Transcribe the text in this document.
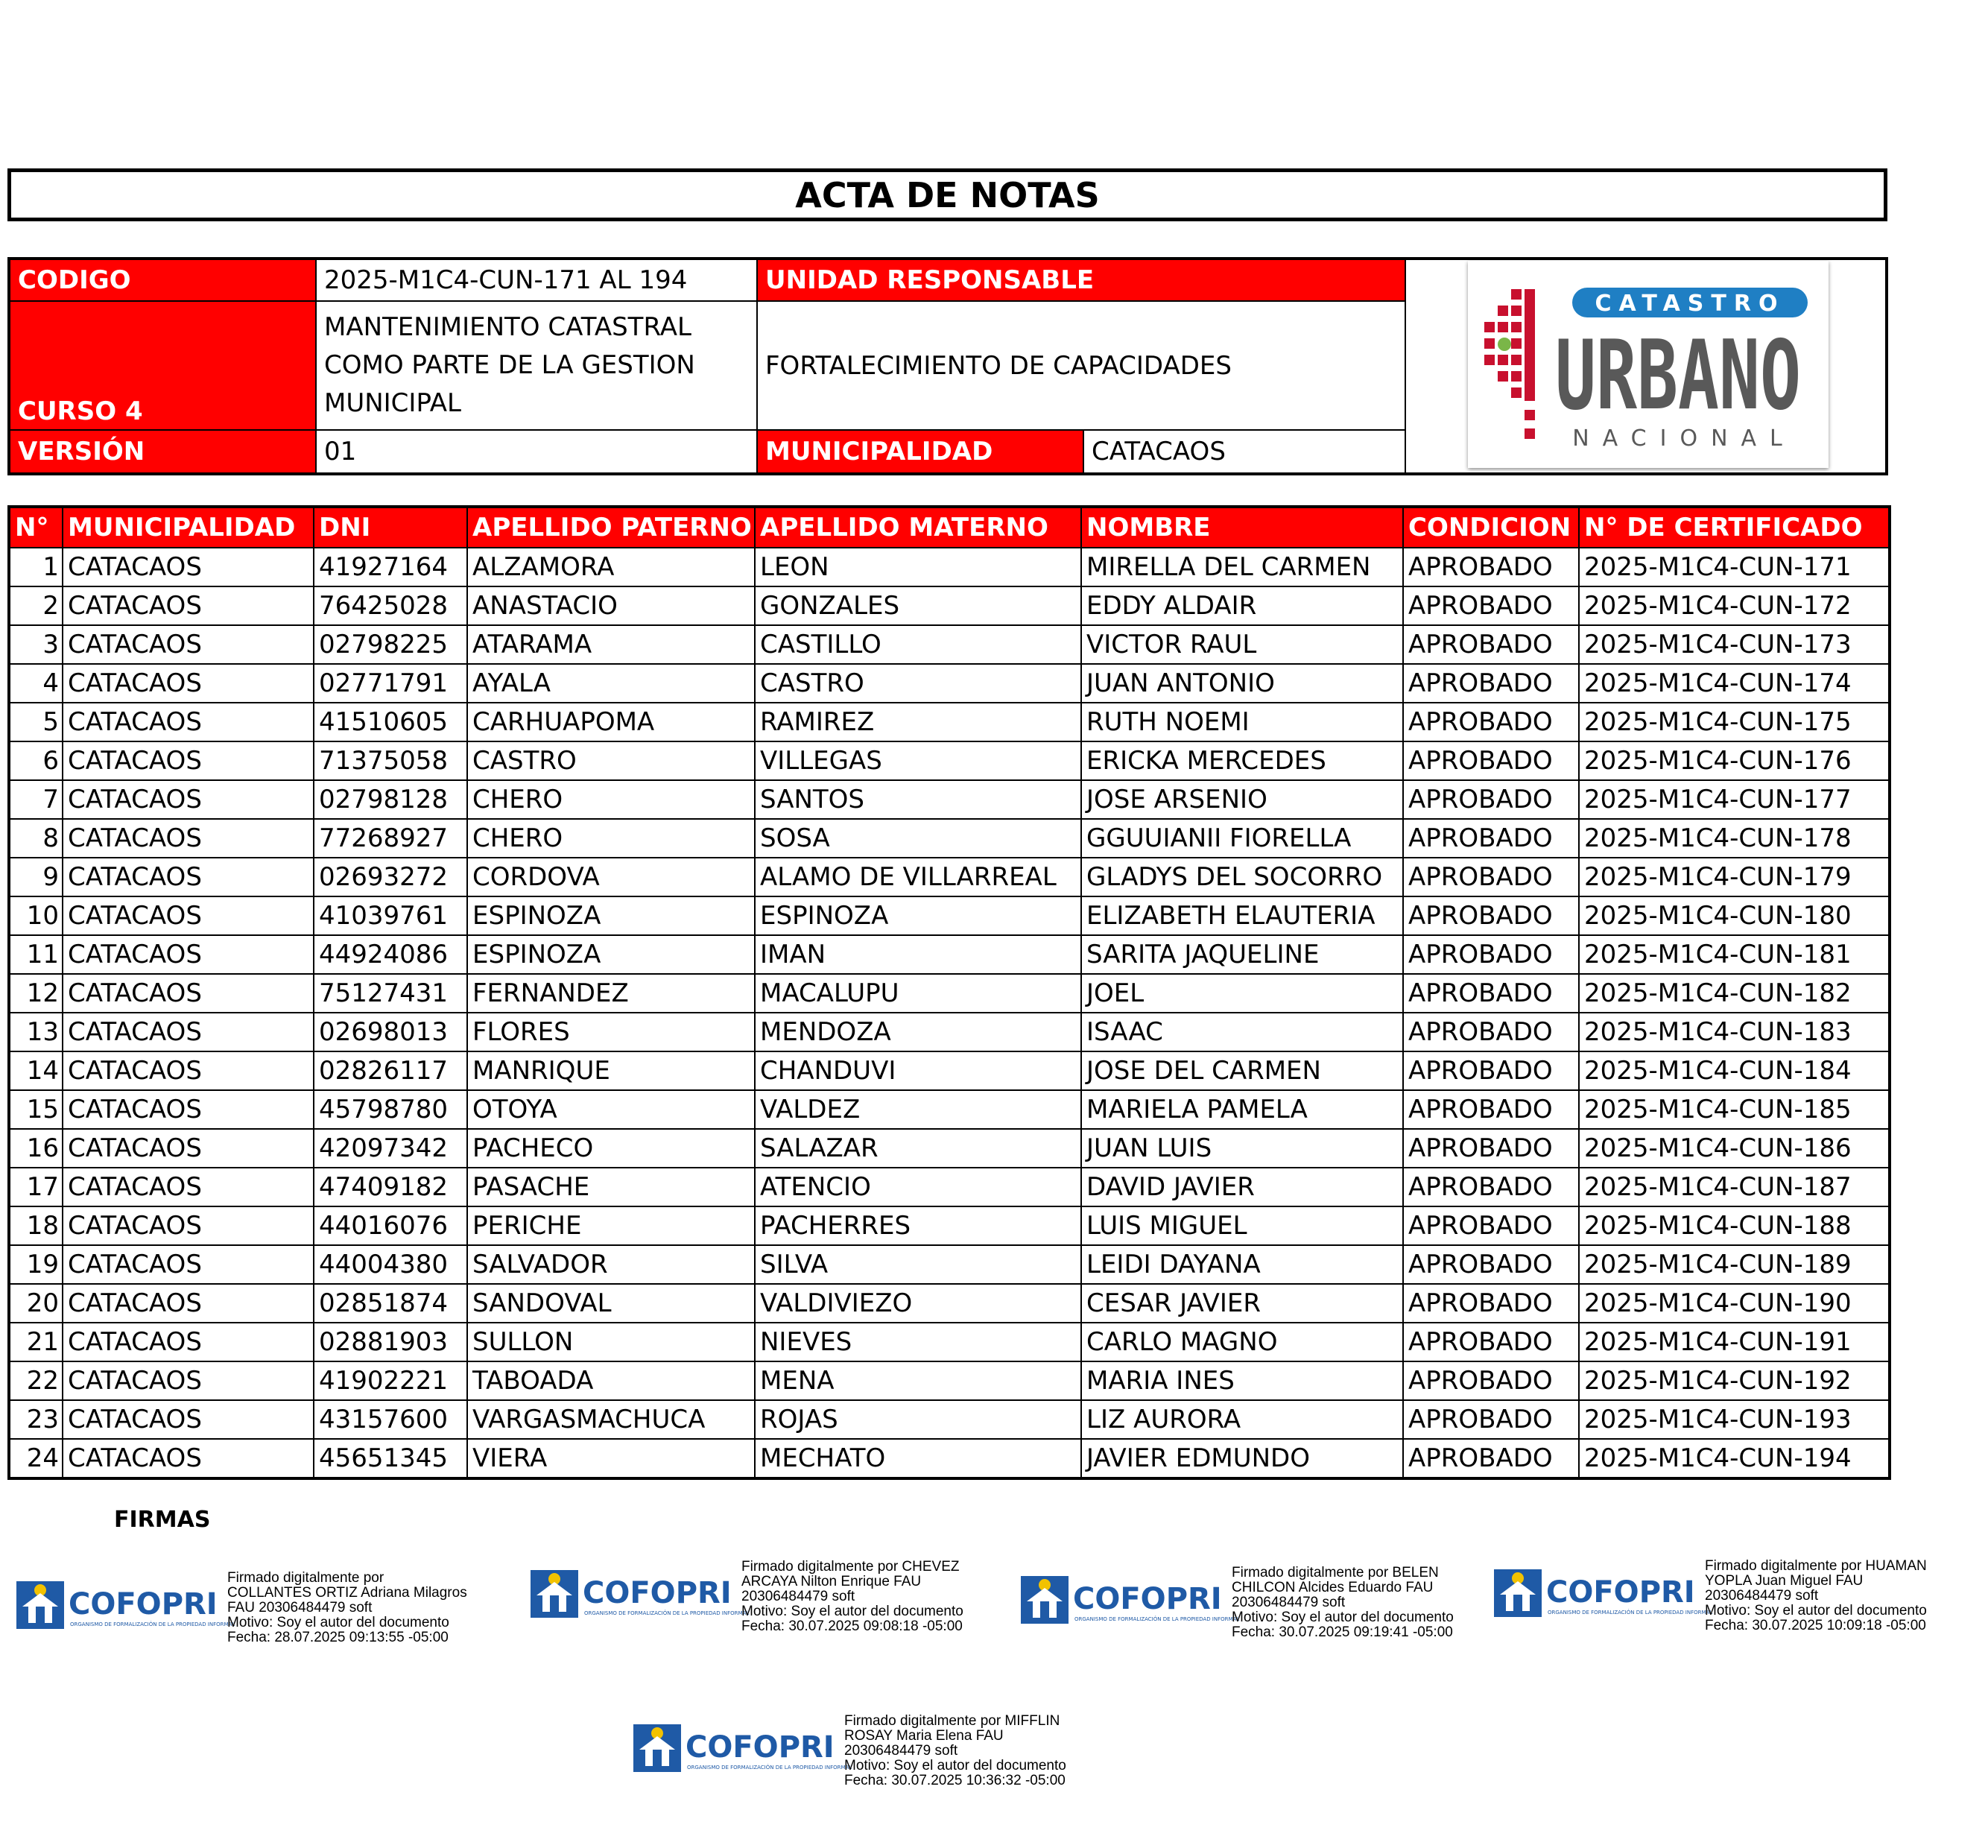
ACTA DE NOTAS
CODIGO	2025-M1C4-CUN-171 AL 194	UNIDAD RESPONSABLE
CURSO 4
MANTENIMIENTO CATASTRAL
COMO PARTE DE LA GESTION
MUNICIPAL
FORTALECIMIENTO DE CAPACIDADES
VERSIÓN	01	MUNICIPALIDAD	CATACAOS
CATASTRO
URBANO
NACIONAL
N°	MUNICIPALIDAD	DNI	APELLIDO PATERNO	APELLIDO MATERNO	NOMBRE	CONDICION	N° DE CERTIFICADO
1	CATACAOS	41927164	ALZAMORA	LEON	MIRELLA DEL CARMEN	APROBADO	2025-M1C4-CUN-171
2	CATACAOS	76425028	ANASTACIO	GONZALES	EDDY ALDAIR	APROBADO	2025-M1C4-CUN-172
3	CATACAOS	02798225	ATARAMA	CASTILLO	VICTOR RAUL	APROBADO	2025-M1C4-CUN-173
4	CATACAOS	02771791	AYALA	CASTRO	JUAN ANTONIO	APROBADO	2025-M1C4-CUN-174
5	CATACAOS	41510605	CARHUAPOMA	RAMIREZ	RUTH NOEMI	APROBADO	2025-M1C4-CUN-175
6	CATACAOS	71375058	CASTRO	VILLEGAS	ERICKA MERCEDES	APROBADO	2025-M1C4-CUN-176
7	CATACAOS	02798128	CHERO	SANTOS	JOSE ARSENIO	APROBADO	2025-M1C4-CUN-177
8	CATACAOS	77268927	CHERO	SOSA	GGUUIANII FIORELLA	APROBADO	2025-M1C4-CUN-178
9	CATACAOS	02693272	CORDOVA	ALAMO DE VILLARREAL	GLADYS DEL SOCORRO	APROBADO	2025-M1C4-CUN-179
10	CATACAOS	41039761	ESPINOZA	ESPINOZA	ELIZABETH ELAUTERIA	APROBADO	2025-M1C4-CUN-180
11	CATACAOS	44924086	ESPINOZA	IMAN	SARITA JAQUELINE	APROBADO	2025-M1C4-CUN-181
12	CATACAOS	75127431	FERNANDEZ	MACALUPU	JOEL	APROBADO	2025-M1C4-CUN-182
13	CATACAOS	02698013	FLORES	MENDOZA	ISAAC	APROBADO	2025-M1C4-CUN-183
14	CATACAOS	02826117	MANRIQUE	CHANDUVI	JOSE DEL CARMEN	APROBADO	2025-M1C4-CUN-184
15	CATACAOS	45798780	OTOYA	VALDEZ	MARIELA PAMELA	APROBADO	2025-M1C4-CUN-185
16	CATACAOS	42097342	PACHECO	SALAZAR	JUAN LUIS	APROBADO	2025-M1C4-CUN-186
17	CATACAOS	47409182	PASACHE	ATENCIO	DAVID JAVIER	APROBADO	2025-M1C4-CUN-187
18	CATACAOS	44016076	PERICHE	PACHERRES	LUIS MIGUEL	APROBADO	2025-M1C4-CUN-188
19	CATACAOS	44004380	SALVADOR	SILVA	LEIDI DAYANA	APROBADO	2025-M1C4-CUN-189
20	CATACAOS	02851874	SANDOVAL	VALDIVIEZO	CESAR JAVIER	APROBADO	2025-M1C4-CUN-190
21	CATACAOS	02881903	SULLON	NIEVES	CARLO MAGNO	APROBADO	2025-M1C4-CUN-191
22	CATACAOS	41902221	TABOADA	MENA	MARIA INES	APROBADO	2025-M1C4-CUN-192
23	CATACAOS	43157600	VARGASMACHUCA	ROJAS	LIZ AURORA	APROBADO	2025-M1C4-CUN-193
24	CATACAOS	45651345	VIERA	MECHATO	JAVIER EDMUNDO	APROBADO	2025-M1C4-CUN-194
FIRMAS
COFOPRI
ORGANISMO DE FORMALIZACIÓN DE LA PROPIEDAD INFORMAL
Firmado digitalmente por
COLLANTES ORTIZ Adriana Milagros
FAU 20306484479 soft
Motivo: Soy el autor del documento
Fecha: 28.07.2025 09:13:55 -05:00
COFOPRI
ORGANISMO DE FORMALIZACIÓN DE LA PROPIEDAD INFORMAL
Firmado digitalmente por CHEVEZ
ARCAYA Nilton Enrique FAU
20306484479 soft
Motivo: Soy el autor del documento
Fecha: 30.07.2025 09:08:18 -05:00
COFOPRI
ORGANISMO DE FORMALIZACIÓN DE LA PROPIEDAD INFORMAL
Firmado digitalmente por BELEN
CHILCON Alcides Eduardo FAU
20306484479 soft
Motivo: Soy el autor del documento
Fecha: 30.07.2025 09:19:41 -05:00
COFOPRI
ORGANISMO DE FORMALIZACIÓN DE LA PROPIEDAD INFORMAL
Firmado digitalmente por HUAMAN
YOPLA Juan Miguel FAU
20306484479 soft
Motivo: Soy el autor del documento
Fecha: 30.07.2025 10:09:18 -05:00
COFOPRI
ORGANISMO DE FORMALIZACIÓN DE LA PROPIEDAD INFORMAL
Firmado digitalmente por MIFFLIN
ROSAY Maria Elena FAU
20306484479 soft
Motivo: Soy el autor del documento
Fecha: 30.07.2025 10:36:32 -05:00
